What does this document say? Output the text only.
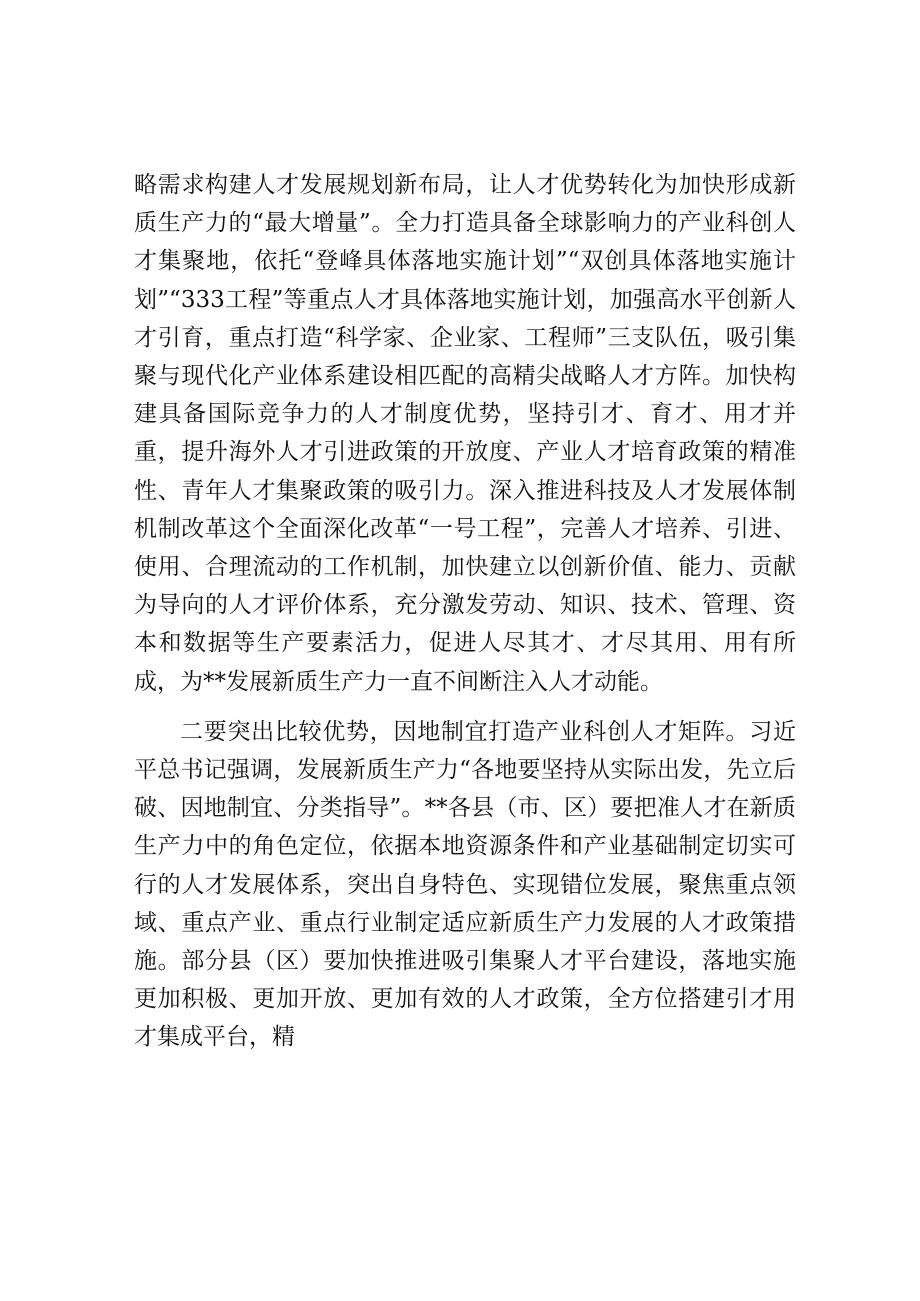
略需求构建人才发展规划新布局，让人才优势转化为加快形成新质生产力的“最大增量”。全力打造具备全球影响力的产业科创人才集聚地，依托“登峰具体落地实施计划”“双创具体落地实施计划”“333工程”等重点人才具体落地实施计划，加强高水平创新人才引育，重点打造“科学家、企业家、工程师”三支队伍，吸引集聚与现代化产业体系建设相匹配的高精尖战略人才方阵。加快构建具备国际竞争力的人才制度优势，坚持引才、育才、用才并重，提升海外人才引进政策的开放度、产业人才培育政策的精准性、青年人才集聚政策的吸引力。深入推进科技及人才发展体制机制改革这个全面深化改革“一号工程”，完善人才培养、引进、使用、合理流动的工作机制，加快建立以创新价值、能力、贡献为导向的人才评价体系，充分激发劳动、知识、技术、管理、资本和数据等生产要素活力，促进人尽其才、才尽其用、用有所成，为**发展新质生产力一直不间断注入人才动能。

二要突出比较优势，因地制宜打造产业科创人才矩阵。习近平总书记强调，发展新质生产力“各地要坚持从实际出发，先立后破、因地制宜、分类指导”。**各县（市、区）要把准人才在新质生产力中的角色定位，依据本地资源条件和产业基础制定切实可行的人才发展体系，突出自身特色、实现错位发展，聚焦重点领域、重点产业、重点行业制定适应新质生产力发展的人才政策措施。部分县（区）要加快推进吸引集聚人才平台建设，落地实施更加积极、更加开放、更加有效的人才政策，全方位搭建引才用才集成平台，精
